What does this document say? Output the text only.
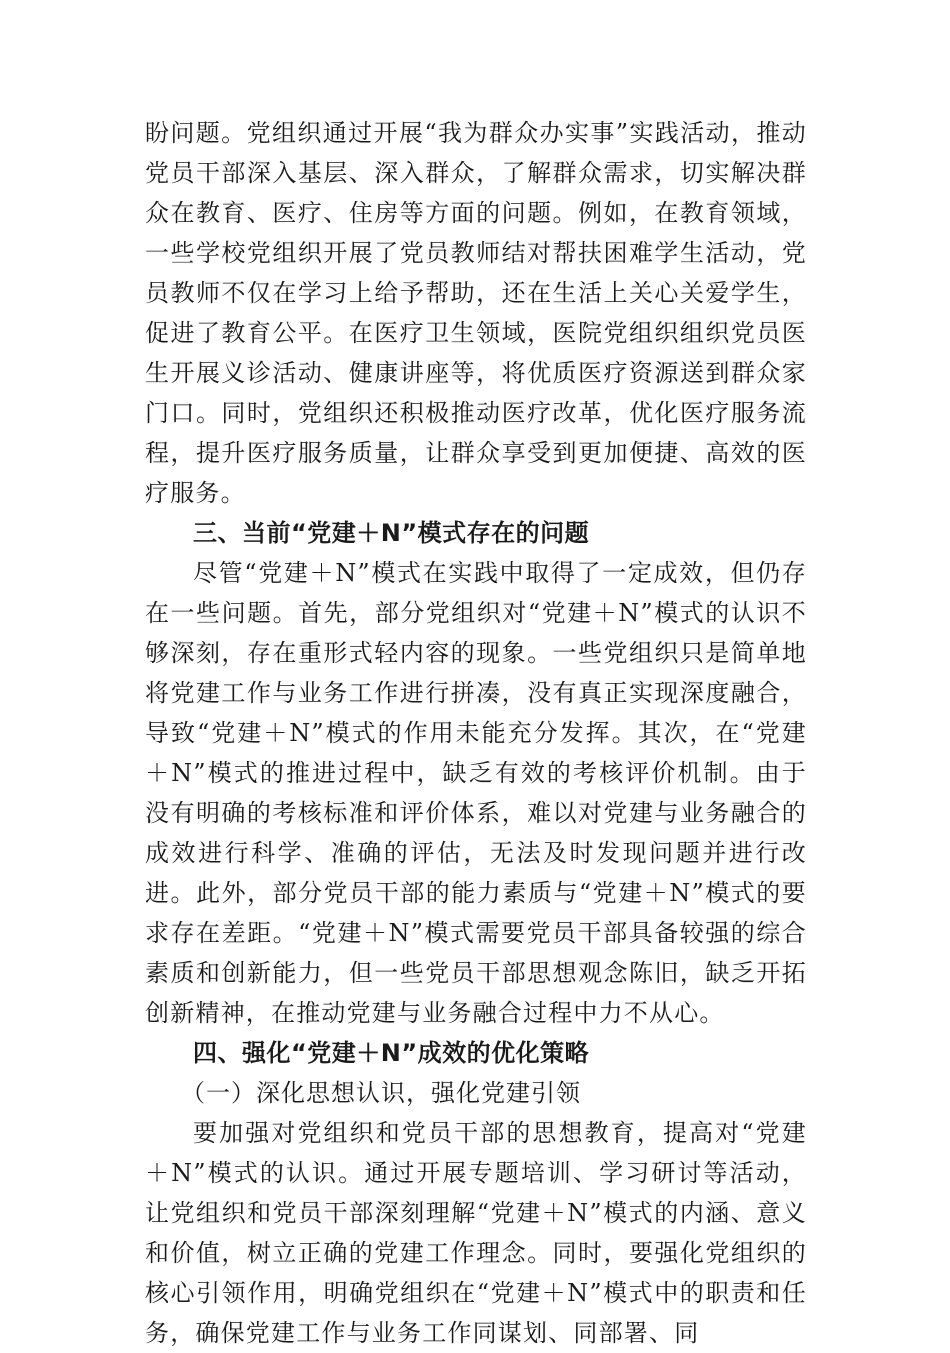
盼问题。党组织通过开展“我为群众办实事”实践活动，推动党员干部深入基层、深入群众，了解群众需求，切实解决群众在教育、医疗、住房等方面的问题。例如，在教育领域，一些学校党组织开展了党员教师结对帮扶困难学生活动，党员教师不仅在学习上给予帮助，还在生活上关心关爱学生，促进了教育公平。在医疗卫生领域，医院党组织组织党员医生开展义诊活动、健康讲座等，将优质医疗资源送到群众家门口。同时，党组织还积极推动医疗改革，优化医疗服务流程，提升医疗服务质量，让群众享受到更加便捷、高效的医疗服务。

三、当前“党建＋N”模式存在的问题

尽管“党建＋N”模式在实践中取得了一定成效，但仍存在一些问题。首先，部分党组织对“党建＋N”模式的认识不够深刻，存在重形式轻内容的现象。一些党组织只是简单地将党建工作与业务工作进行拼凑，没有真正实现深度融合，导致“党建＋N”模式的作用未能充分发挥。其次，在“党建＋N”模式的推进过程中，缺乏有效的考核评价机制。由于没有明确的考核标准和评价体系，难以对党建与业务融合的成效进行科学、准确的评估，无法及时发现问题并进行改进。此外，部分党员干部的能力素质与“党建＋N”模式的要求存在差距。“党建＋N”模式需要党员干部具备较强的综合素质和创新能力，但一些党员干部思想观念陈旧，缺乏开拓创新精神，在推动党建与业务融合过程中力不从心。

四、强化“党建＋N”成效的优化策略

（一）深化思想认识，强化党建引领

要加强对党组织和党员干部的思想教育，提高对“党建＋N”模式的认识。通过开展专题培训、学习研讨等活动，让党组织和党员干部深刻理解“党建＋N”模式的内涵、意义和价值，树立正确的党建工作理念。同时，要强化党组织的核心引领作用，明确党组织在“党建＋N”模式中的职责和任务，确保党建工作与业务工作同谋划、同部署、同
